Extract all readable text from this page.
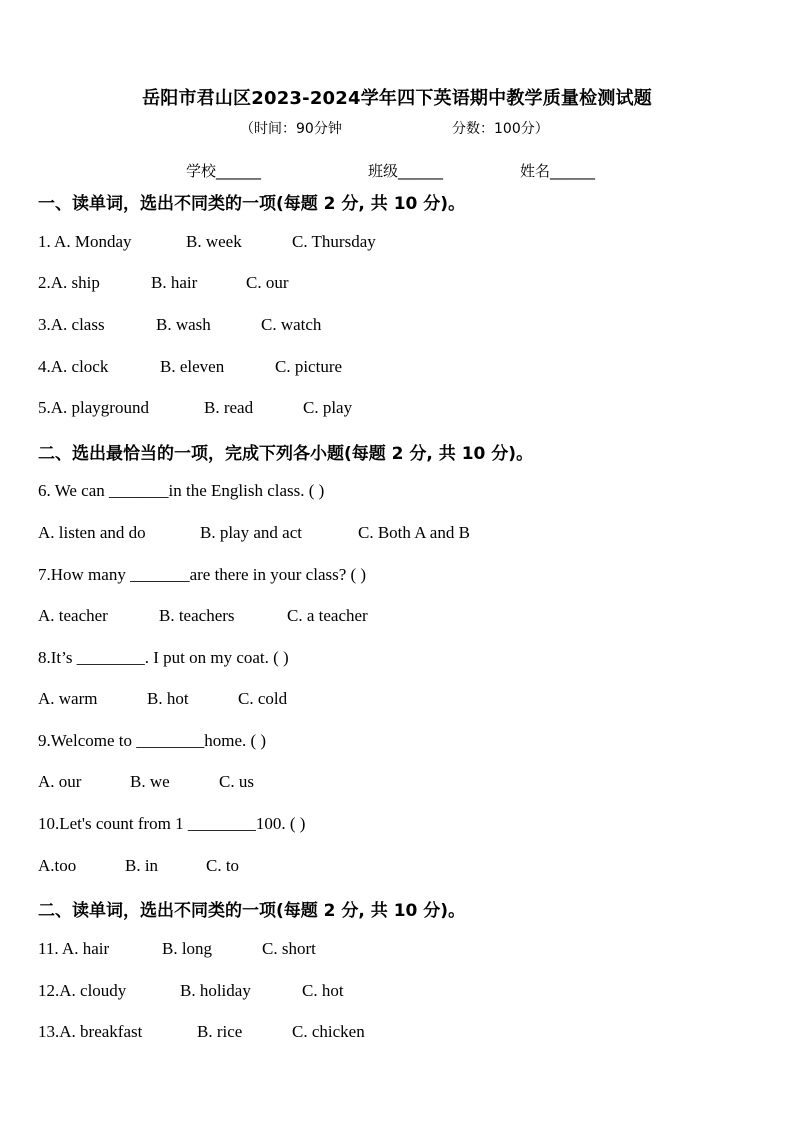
岳阳市君山区2023-2024学年四下英语期中教学质量检测试题
（时间：90分钟	分数：100分）
学校______	班级______	姓名______
一、读单词，选出不同类的一项(每题 2 分, 共 10 分)。
1. A. Monday	B. week	C. Thursday
2.A. ship	B. hair	C. our
3.A. class	B. wash	C. watch
4.A. clock	B. eleven	C. picture
5.A. playground	B. read	C. play
二、选出最恰当的一项，完成下列各小题(每题 2 分, 共 10 分)。
6. We can _______in the English class. ( )
A. listen and do	B. play and act	C. Both A and B
7.How many _______are there in your class? ( )
A. teacher	B. teachers	C. a teacher
8.It’s ________. I put on my coat. ( )
A. warm	B. hot	C. cold
9.Welcome to ________home. ( )
A. our	B. we	C. us
10.Let's count from 1 ________100. ( )
A.too	B. in	C. to
二、读单词，选出不同类的一项(每题 2 分, 共 10 分)。
11. A. hair	B. long	C. short
12.A. cloudy	B. holiday	C. hot
13.A. breakfast	B. rice	C. chicken
